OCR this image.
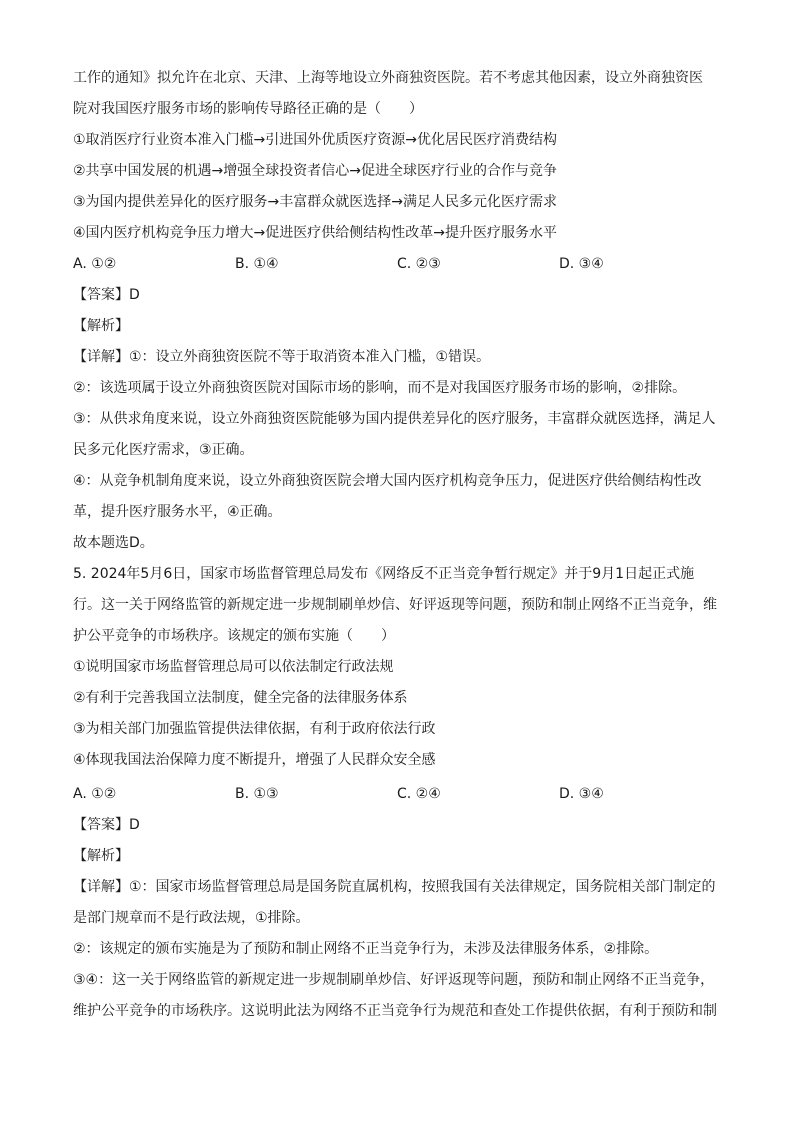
工作的通知》拟允许在北京、天津、上海等地设立外商独资医院。若不考虑其他因素，设立外商独资医
院对我国医疗服务市场的影响传导路径正确的是（　　）
①取消医疗行业资本准入门槛→引进国外优质医疗资源→优化居民医疗消费结构
②共享中国发展的机遇→增强全球投资者信心→促进全球医疗行业的合作与竞争
③为国内提供差异化的医疗服务→丰富群众就医选择→满足人民多元化医疗需求
④国内医疗机构竞争压力增大→促进医疗供给侧结构性改革→提升医疗服务水平
A. ①②	B. ①④	C. ②③	D. ③④
【答案】D
【解析】
【详解】①：设立外商独资医院不等于取消资本准入门槛，①错误。
②：该选项属于设立外商独资医院对国际市场的影响，而不是对我国医疗服务市场的影响，②排除。
③：从供求角度来说，设立外商独资医院能够为国内提供差异化的医疗服务，丰富群众就医选择，满足人
民多元化医疗需求，③正确。
④：从竞争机制角度来说，设立外商独资医院会增大国内医疗机构竞争压力，促进医疗供给侧结构性改
革，提升医疗服务水平，④正确。
故本题选D。
5. 2024年5月6日，国家市场监督管理总局发布《网络反不正当竞争暂行规定》并于9月1日起正式施
行。这一关于网络监管的新规定进一步规制刷单炒信、好评返现等问题，预防和制止网络不正当竞争，维
护公平竞争的市场秩序。该规定的颁布实施（　　）
①说明国家市场监督管理总局可以依法制定行政法规
②有利于完善我国立法制度，健全完备的法律服务体系
③为相关部门加强监管提供法律依据，有利于政府依法行政
④体现我国法治保障力度不断提升，增强了人民群众安全感
A. ①②	B. ①③	C. ②④	D. ③④
【答案】D
【解析】
【详解】①：国家市场监督管理总局是国务院直属机构，按照我国有关法律规定，国务院相关部门制定的
是部门规章而不是行政法规，①排除。
②：该规定的颁布实施是为了预防和制止网络不正当竞争行为，未涉及法律服务体系，②排除。
③④：这一关于网络监管的新规定进一步规制刷单炒信、好评返现等问题，预防和制止网络不正当竞争，
维护公平竞争的市场秩序。这说明此法为网络不正当竞争行为规范和查处工作提供依据，有利于预防和制
